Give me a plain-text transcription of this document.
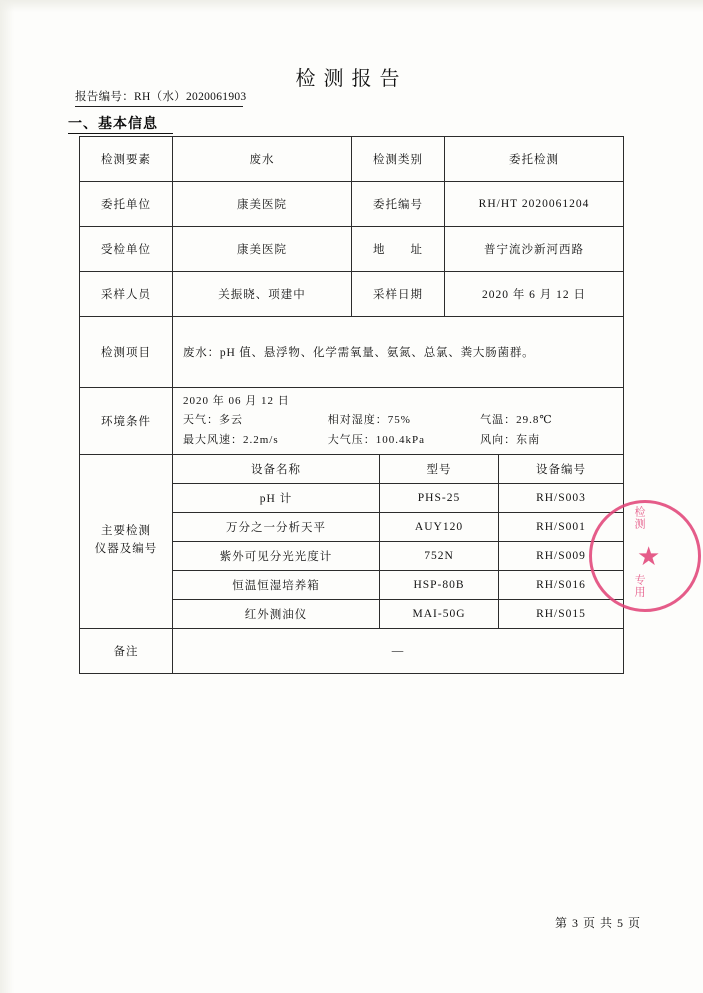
检测报告
报告编号：RH（水）2020061903
一、基本信息
检测要素	废水	检测类别	委托检测
委托单位	康美医院	委托编号	RH/HT 2020061204
受检单位	康美医院	地　　址	普宁流沙新河西路
采样人员	关振晓、项建中	采样日期	2020 年 6 月 12 日
检测项目	废水：pH 值、悬浮物、化学需氧量、氨氮、总氯、粪大肠菌群。
环境条件	
2020 年 06 月 12 日
天气：多云	相对湿度：75%	气温：29.8℃
最大风速：2.2m/s	大气压：100.4kPa	风向：东南

主要检测
仪器及编号

设备名称	型号	设备编号
pH 计	PHS-25	RH/S003
万分之一分析天平	AUY120	RH/S001
紫外可见分光光度计	752N	RH/S009
恒温恒湿培养箱	HSP-80B	RH/S016
红外测油仪	MAI-50G	RH/S015

备注	—
★
检测
专用
第 3 页 共 5 页
